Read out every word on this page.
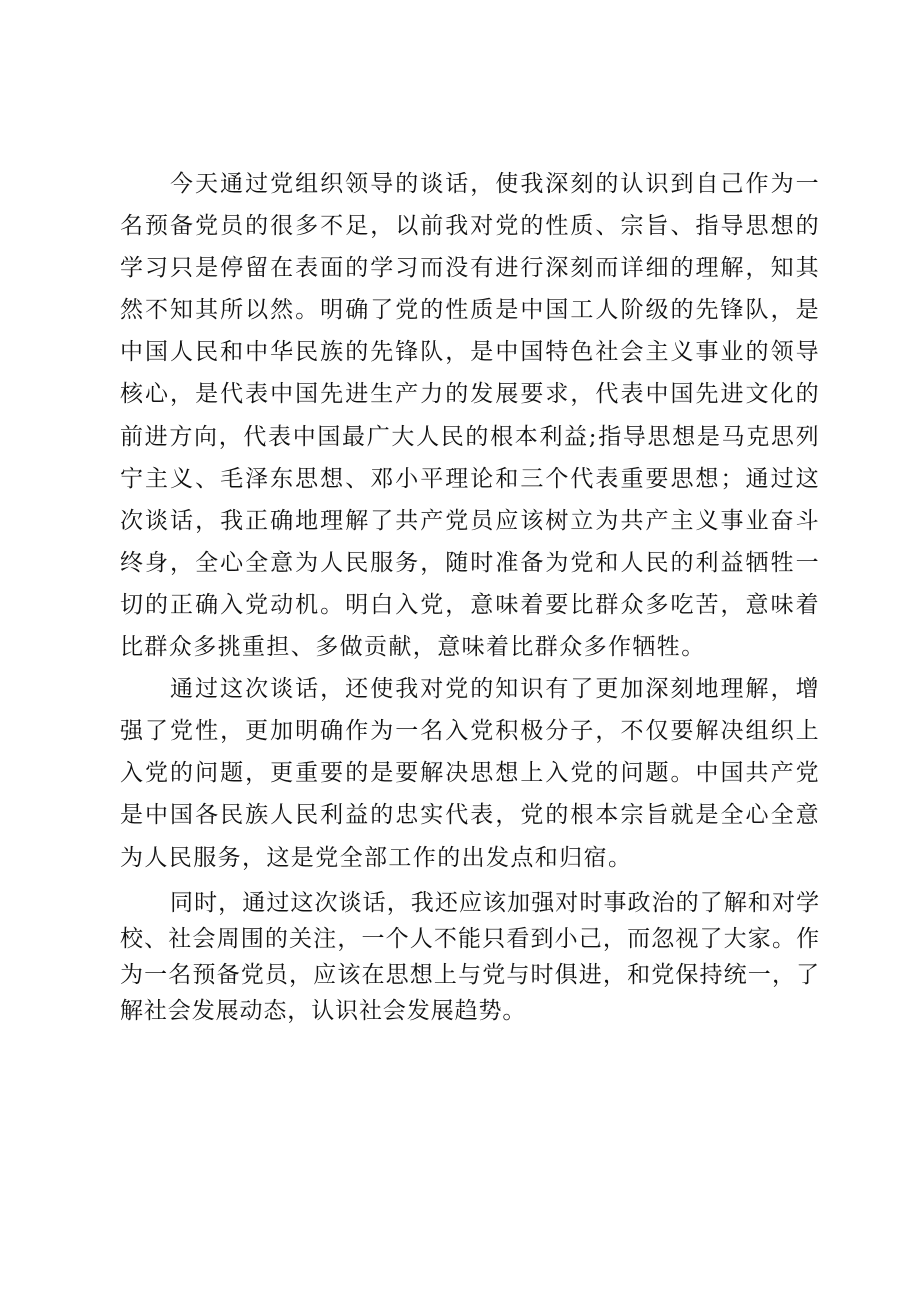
今天通过党组织领导的谈话，使我深刻的认识到自己作为一名预备党员的很多不足，以前我对党的性质、宗旨、指导思想的学习只是停留在表面的学习而没有进行深刻而详细的理解，知其然不知其所以然。明确了党的性质是中国工人阶级的先锋队，是中国人民和中华民族的先锋队，是中国特色社会主义事业的领导核心，是代表中国先进生产力的发展要求，代表中国先进文化的前进方向，代表中国最广大人民的根本利益;指导思想是马克思列宁主义、毛泽东思想、邓小平理论和三个代表重要思想；通过这次谈话，我正确地理解了共产党员应该树立为共产主义事业奋斗终身，全心全意为人民服务，随时准备为党和人民的利益牺牲一切的正确入党动机。明白入党，意味着要比群众多吃苦，意味着比群众多挑重担、多做贡献，意味着比群众多作牺牲。

通过这次谈话，还使我对党的知识有了更加深刻地理解，增强了党性，更加明确作为一名入党积极分子，不仅要解决组织上入党的问题，更重要的是要解决思想上入党的问题。中国共产党是中国各民族人民利益的忠实代表，党的根本宗旨就是全心全意为人民服务，这是党全部工作的出发点和归宿。

同时，通过这次谈话，我还应该加强对时事政治的了解和对学校、社会周围的关注，一个人不能只看到小己，而忽视了大家。作为一名预备党员，应该在思想上与党与时俱进，和党保持统一，了解社会发展动态，认识社会发展趋势。
